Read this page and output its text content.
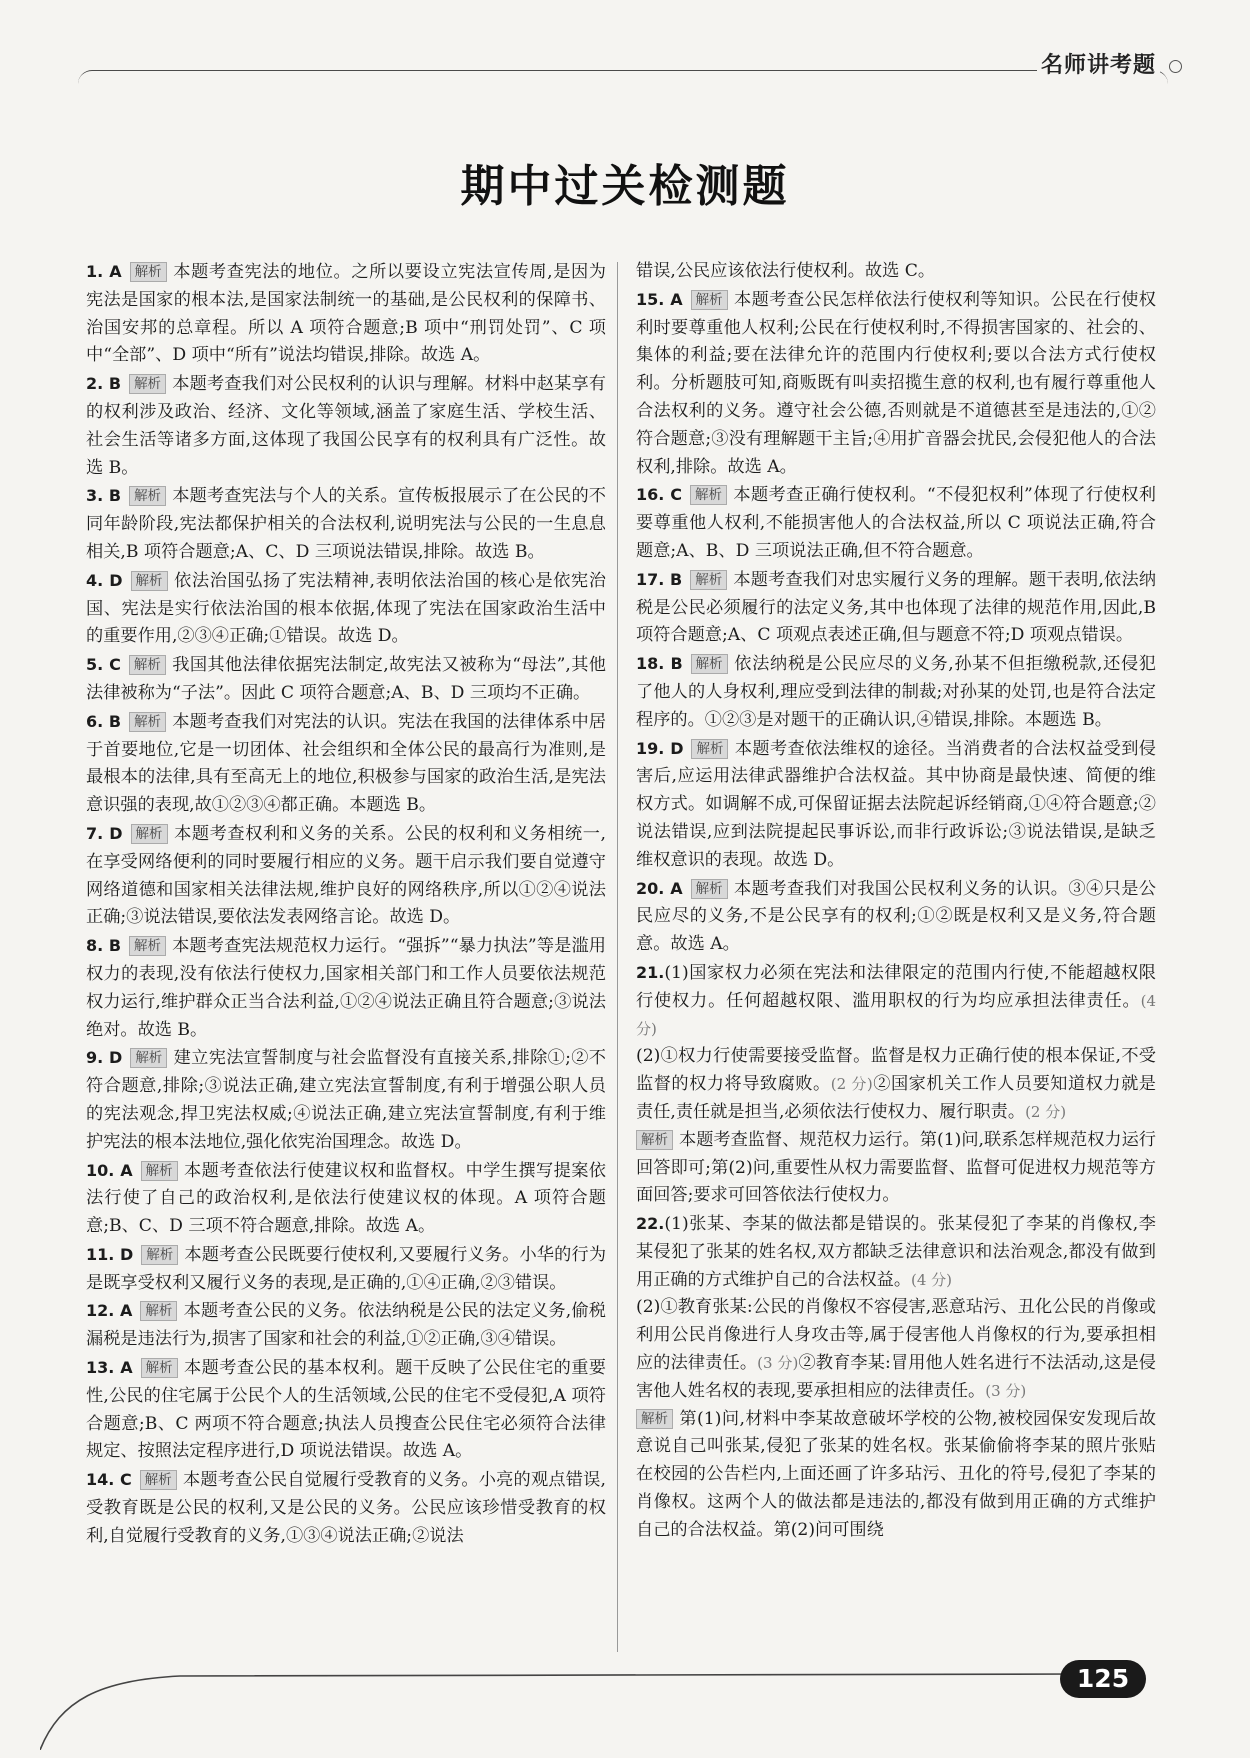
名师讲考题
期中过关检测题
1. A 解析 本题考查宪法的地位。之所以要设立宪法宣传周,是因为宪法是国家的根本法,是国家法制统一的基础,是公民权利的保障书、治国安邦的总章程。所以 A 项符合题意;B 项中“刑罚处罚”、C 项中“全部”、D 项中“所有”说法均错误,排除。故选 A。
2. B 解析 本题考查我们对公民权利的认识与理解。材料中赵某享有的权利涉及政治、经济、文化等领域,涵盖了家庭生活、学校生活、社会生活等诸多方面,这体现了我国公民享有的权利具有广泛性。故选 B。
3. B 解析 本题考查宪法与个人的关系。宣传板报展示了在公民的不同年龄阶段,宪法都保护相关的合法权利,说明宪法与公民的一生息息相关,B 项符合题意;A、C、D 三项说法错误,排除。故选 B。
4. D 解析 依法治国弘扬了宪法精神,表明依法治国的核心是依宪治国、宪法是实行依法治国的根本依据,体现了宪法在国家政治生活中的重要作用,②③④正确;①错误。故选 D。
5. C 解析 我国其他法律依据宪法制定,故宪法又被称为“母法”,其他法律被称为“子法”。因此 C 项符合题意;A、B、D 三项均不正确。
6. B 解析 本题考查我们对宪法的认识。宪法在我国的法律体系中居于首要地位,它是一切团体、社会组织和全体公民的最高行为准则,是最根本的法律,具有至高无上的地位,积极参与国家的政治生活,是宪法意识强的表现,故①②③④都正确。本题选 B。
7. D 解析 本题考查权利和义务的关系。公民的权利和义务相统一,在享受网络便利的同时要履行相应的义务。题干启示我们要自觉遵守网络道德和国家相关法律法规,维护良好的网络秩序,所以①②④说法正确;③说法错误,要依法发表网络言论。故选 D。
8. B 解析 本题考查宪法规范权力运行。“强拆”“暴力执法”等是滥用权力的表现,没有依法行使权力,国家相关部门和工作人员要依法规范权力运行,维护群众正当合法利益,①②④说法正确且符合题意;③说法绝对。故选 B。
9. D 解析 建立宪法宣誓制度与社会监督没有直接关系,排除①;②不符合题意,排除;③说法正确,建立宪法宣誓制度,有利于增强公职人员的宪法观念,捍卫宪法权威;④说法正确,建立宪法宣誓制度,有利于维护宪法的根本法地位,强化依宪治国理念。故选 D。
10. A 解析 本题考查依法行使建议权和监督权。中学生撰写提案依法行使了自己的政治权利,是依法行使建议权的体现。A 项符合题意;B、C、D 三项不符合题意,排除。故选 A。
11. D 解析 本题考查公民既要行使权利,又要履行义务。小华的行为是既享受权利又履行义务的表现,是正确的,①④正确,②③错误。
12. A 解析 本题考查公民的义务。依法纳税是公民的法定义务,偷税漏税是违法行为,损害了国家和社会的利益,①②正确,③④错误。
13. A 解析 本题考查公民的基本权利。题干反映了公民住宅的重要性,公民的住宅属于公民个人的生活领域,公民的住宅不受侵犯,A 项符合题意;B、C 两项不符合题意;执法人员搜查公民住宅必须符合法律规定、按照法定程序进行,D 项说法错误。故选 A。
14. C 解析 本题考查公民自觉履行受教育的义务。小亮的观点错误,受教育既是公民的权利,又是公民的义务。公民应该珍惜受教育的权利,自觉履行受教育的义务,①③④说法正确;②说法
错误,公民应该依法行使权利。故选 C。
15. A 解析 本题考查公民怎样依法行使权利等知识。公民在行使权利时要尊重他人权利;公民在行使权利时,不得损害国家的、社会的、集体的利益;要在法律允许的范围内行使权利;要以合法方式行使权利。分析题肢可知,商贩既有叫卖招揽生意的权利,也有履行尊重他人合法权利的义务。遵守社会公德,否则就是不道德甚至是违法的,①②符合题意;③没有理解题干主旨;④用扩音器会扰民,会侵犯他人的合法权利,排除。故选 A。
16. C 解析 本题考查正确行使权利。“不侵犯权利”体现了行使权利要尊重他人权利,不能损害他人的合法权益,所以 C 项说法正确,符合题意;A、B、D 三项说法正确,但不符合题意。
17. B 解析 本题考查我们对忠实履行义务的理解。题干表明,依法纳税是公民必须履行的法定义务,其中也体现了法律的规范作用,因此,B 项符合题意;A、C 项观点表述正确,但与题意不符;D 项观点错误。
18. B 解析 依法纳税是公民应尽的义务,孙某不但拒缴税款,还侵犯了他人的人身权利,理应受到法律的制裁;对孙某的处罚,也是符合法定程序的。①②③是对题干的正确认识,④错误,排除。本题选 B。
19. D 解析 本题考查依法维权的途径。当消费者的合法权益受到侵害后,应运用法律武器维护合法权益。其中协商是最快速、简便的维权方式。如调解不成,可保留证据去法院起诉经销商,①④符合题意;②说法错误,应到法院提起民事诉讼,而非行政诉讼;③说法错误,是缺乏维权意识的表现。故选 D。
20. A 解析 本题考查我们对我国公民权利义务的认识。③④只是公民应尽的义务,不是公民享有的权利;①②既是权利又是义务,符合题意。故选 A。
21.(1)国家权力必须在宪法和法律限定的范围内行使,不能超越权限行使权力。任何超越权限、滥用职权的行为均应承担法律责任。(4 分)
(2)①权力行使需要接受监督。监督是权力正确行使的根本保证,不受监督的权力将导致腐败。(2 分)②国家机关工作人员要知道权力就是责任,责任就是担当,必须依法行使权力、履行职责。(2 分)
解析 本题考查监督、规范权力运行。第(1)问,联系怎样规范权力运行回答即可;第(2)问,重要性从权力需要监督、监督可促进权力规范等方面回答;要求可回答依法行使权力。
22.(1)张某、李某的做法都是错误的。张某侵犯了李某的肖像权,李某侵犯了张某的姓名权,双方都缺乏法律意识和法治观念,都没有做到用正确的方式维护自己的合法权益。(4 分)
(2)①教育张某:公民的肖像权不容侵害,恶意玷污、丑化公民的肖像或利用公民肖像进行人身攻击等,属于侵害他人肖像权的行为,要承担相应的法律责任。(3 分)②教育李某:冒用他人姓名进行不法活动,这是侵害他人姓名权的表现,要承担相应的法律责任。(3 分)
解析 第(1)问,材料中李某故意破坏学校的公物,被校园保安发现后故意说自己叫张某,侵犯了张某的姓名权。张某偷偷将李某的照片张贴在校园的公告栏内,上面还画了许多玷污、丑化的符号,侵犯了李某的肖像权。这两个人的做法都是违法的,都没有做到用正确的方式维护自己的合法权益。第(2)问可围绕
125
